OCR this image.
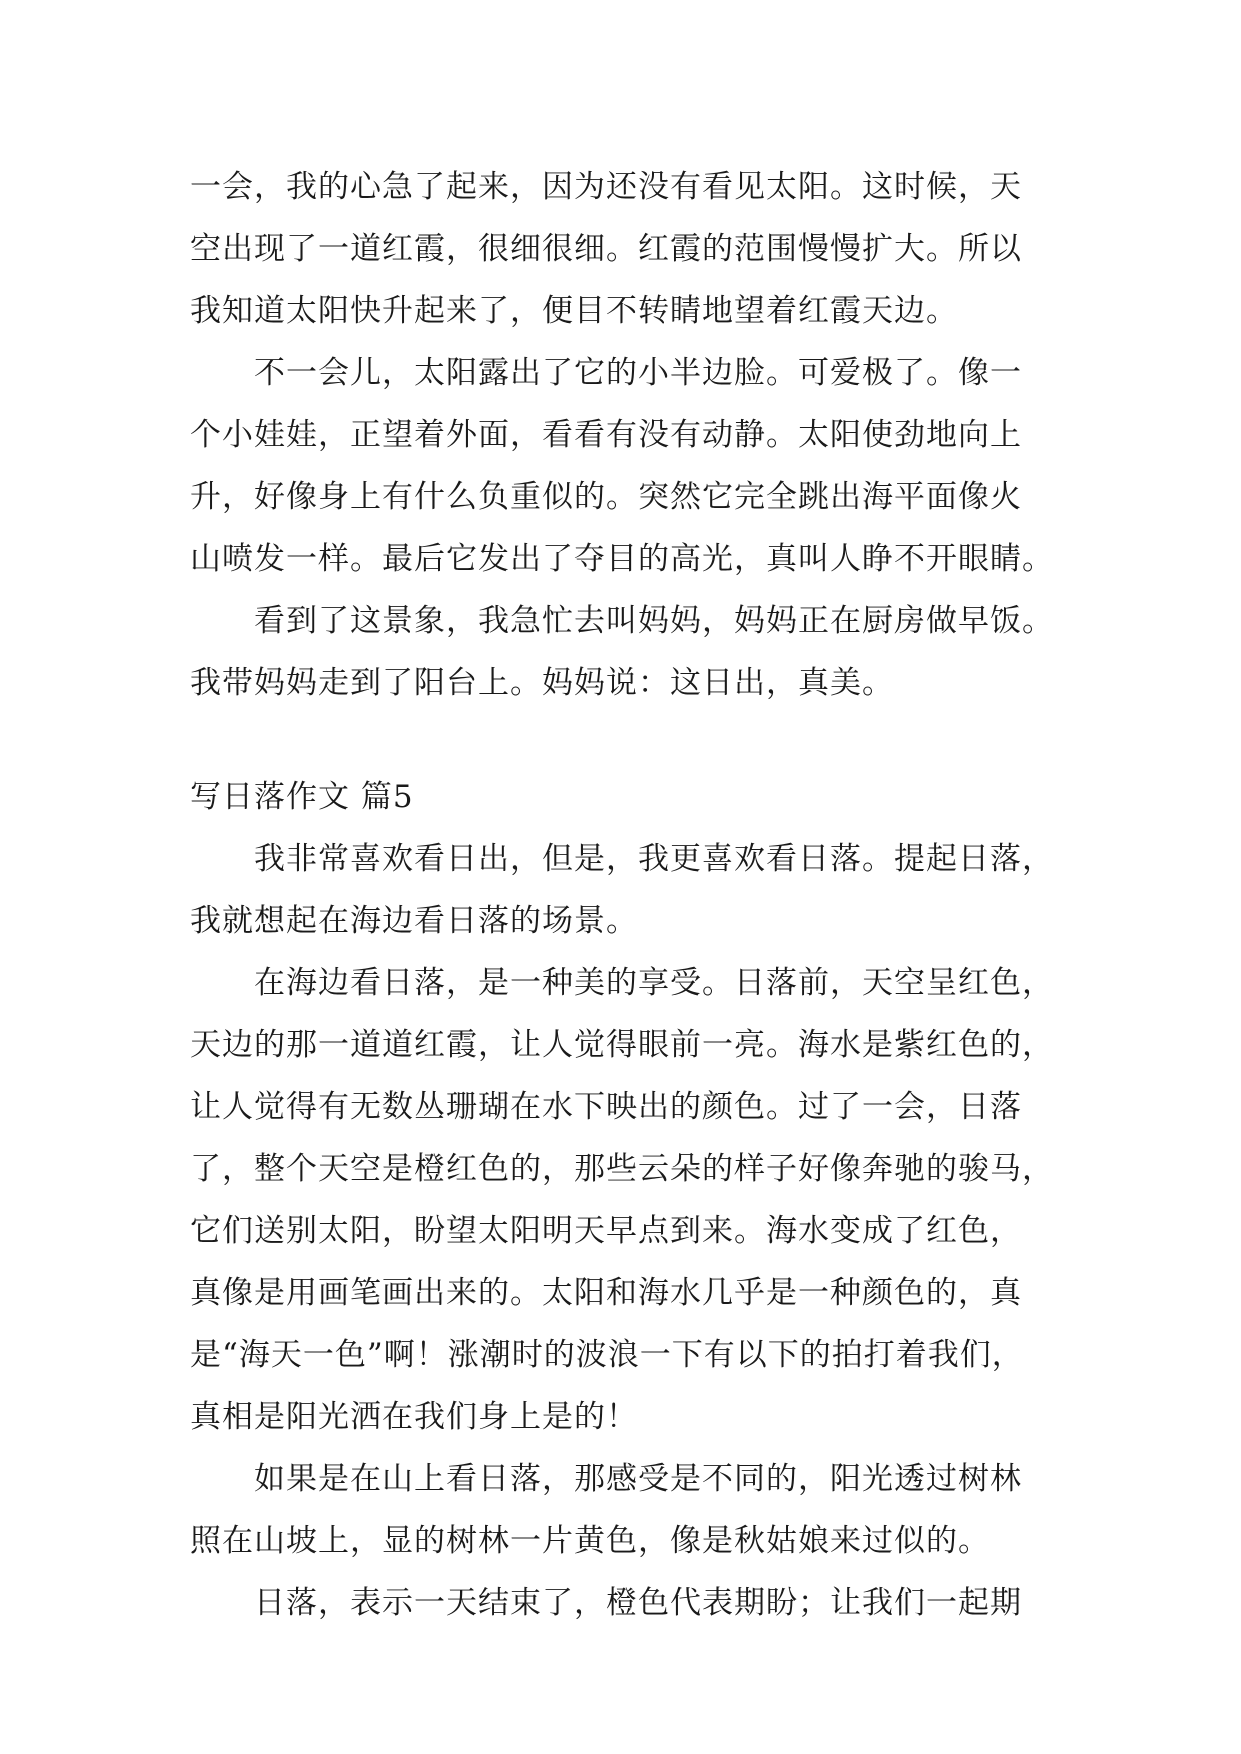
一会，我的心急了起来，因为还没有看见太阳。这时候，天
空出现了一道红霞，很细很细。红霞的范围慢慢扩大。所以
我知道太阳快升起来了，便目不转睛地望着红霞天边。
不一会儿，太阳露出了它的小半边脸。可爱极了。像一
个小娃娃，正望着外面，看看有没有动静。太阳使劲地向上
升，好像身上有什么负重似的。突然它完全跳出海平面像火
山喷发一样。最后它发出了夺目的高光，真叫人睁不开眼睛。
看到了这景象，我急忙去叫妈妈，妈妈正在厨房做早饭。
我带妈妈走到了阳台上。妈妈说：这日出，真美。
写日落作文 篇5
我非常喜欢看日出，但是，我更喜欢看日落。提起日落，
我就想起在海边看日落的场景。
在海边看日落，是一种美的享受。日落前，天空呈红色，
天边的那一道道红霞，让人觉得眼前一亮。海水是紫红色的，
让人觉得有无数丛珊瑚在水下映出的颜色。过了一会，日落
了，整个天空是橙红色的，那些云朵的样子好像奔驰的骏马，
它们送别太阳，盼望太阳明天早点到来。海水变成了红色，
真像是用画笔画出来的。太阳和海水几乎是一种颜色的，真
是“海天一色”啊！涨潮时的波浪一下有以下的拍打着我们，
真相是阳光洒在我们身上是的！
如果是在山上看日落，那感受是不同的，阳光透过树林
照在山坡上，显的树林一片黄色，像是秋姑娘来过似的。
日落，表示一天结束了，橙色代表期盼；让我们一起期
